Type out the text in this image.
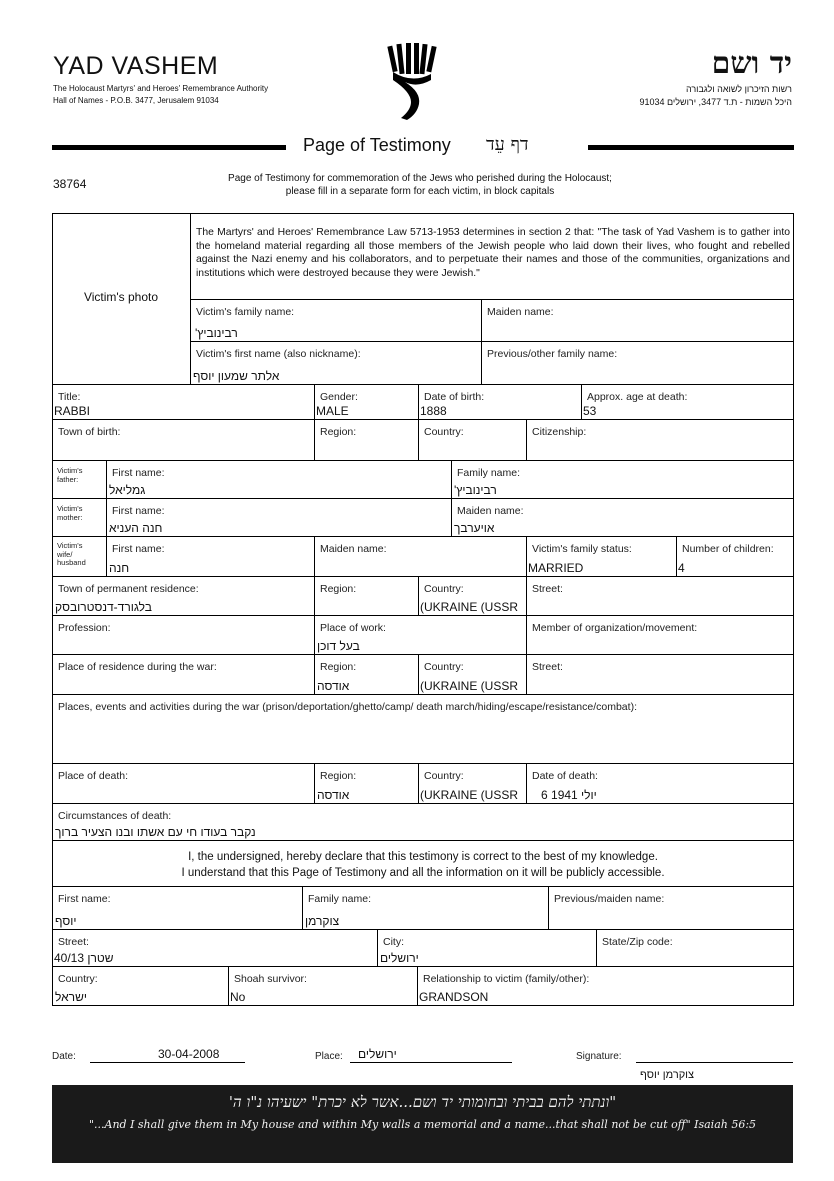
YAD VASHEM
The Holocaust Martyrs' and Heroes' Remembrance Authority
Hall of Names - P.O.B. 3477, Jerusalem 91034
יד ושם
רשות הזיכרון לשואה ולגבורה
היכל השמות - ת.ד 3477, ירושלים 91034
Page of Testimony דף עֵד
38764	Page of Testimony for commemoration of the Jews who perished during the Holocaust;
please fill in a separate form for each victim, in block capitals
Victim's photo
The Martyrs' and Heroes' Remembrance Law 5713-1953 determines in section 2 that: "The task of Yad Vashem is to gather into the homeland material regarding all those members of the Jewish people who laid down their lives, who fought and rebelled against the Nazi enemy and his collaborators, and to perpetuate their names and those of the communities, organizations and institutions which were destroyed because they were Jewish."
Victim's family name:
רבינוביץ'
Maiden name:
Victim's first name (also nickname):
אלתר שמעון יוסף
Previous/other family name:
Title:
RABBI
Gender:
MALE
Date of birth:
1888
Approx. age at death:
53
Town of birth:	Region:	Country:	Citizenship:
Victim's father:	First name:
גמליאל
Family name:
רבינוביץ'
Victim's mother:	First name:
חנה העניא
Maiden name:
אויערבך
Victim's wife/ husband
First name:
חנה
Maiden name:	Victim's family status:
MARRIED
Number of children:
4
Town of permanent residence:
בלגורד-דנסטרובסק
Region:	Country:
(UKRAINE (USSR
Street:
Profession:	Place of work:
בעל דוכן
Member of organization/movement:
Place of residence during the war:	Region:
אודסה
Country:
(UKRAINE (USSR
Street:
Places, events and activities during the war (prison/deportation/ghetto/camp/ death march/hiding/escape/resistance/combat):
Place of death:	Region:
אודסה
Country:
(UKRAINE (USSR
Date of death:
6 יולי 1941
Circumstances of death:
נקבר בעודו חי עם אשתו ובנו הצעיר ברוך
I, the undersigned, hereby declare that this testimony is correct to the best of my knowledge.
I understand that this Page of Testimony and all the information on it will be publicly accessible.
First name:
יוסף
Family name:
צוקרמן
Previous/maiden name:
Street:
שטרן 40/13
City:
ירושלים
State/Zip code:
Country:
ישראל
Shoah survivor:
No
Relationship to victim (family/other):
GRANDSON
Date:	30-04-2008	Place: ירושלים	Signature:
צוקרמן יוסף
"ונתתי להם בביתי ובחומותי יד ושם...אשר לא יכרת" ישעיהו נ"ו ה'
"...And I shall give them in My house and within My walls a memorial and a name...that shall not be cut off" Isaiah 56:5
